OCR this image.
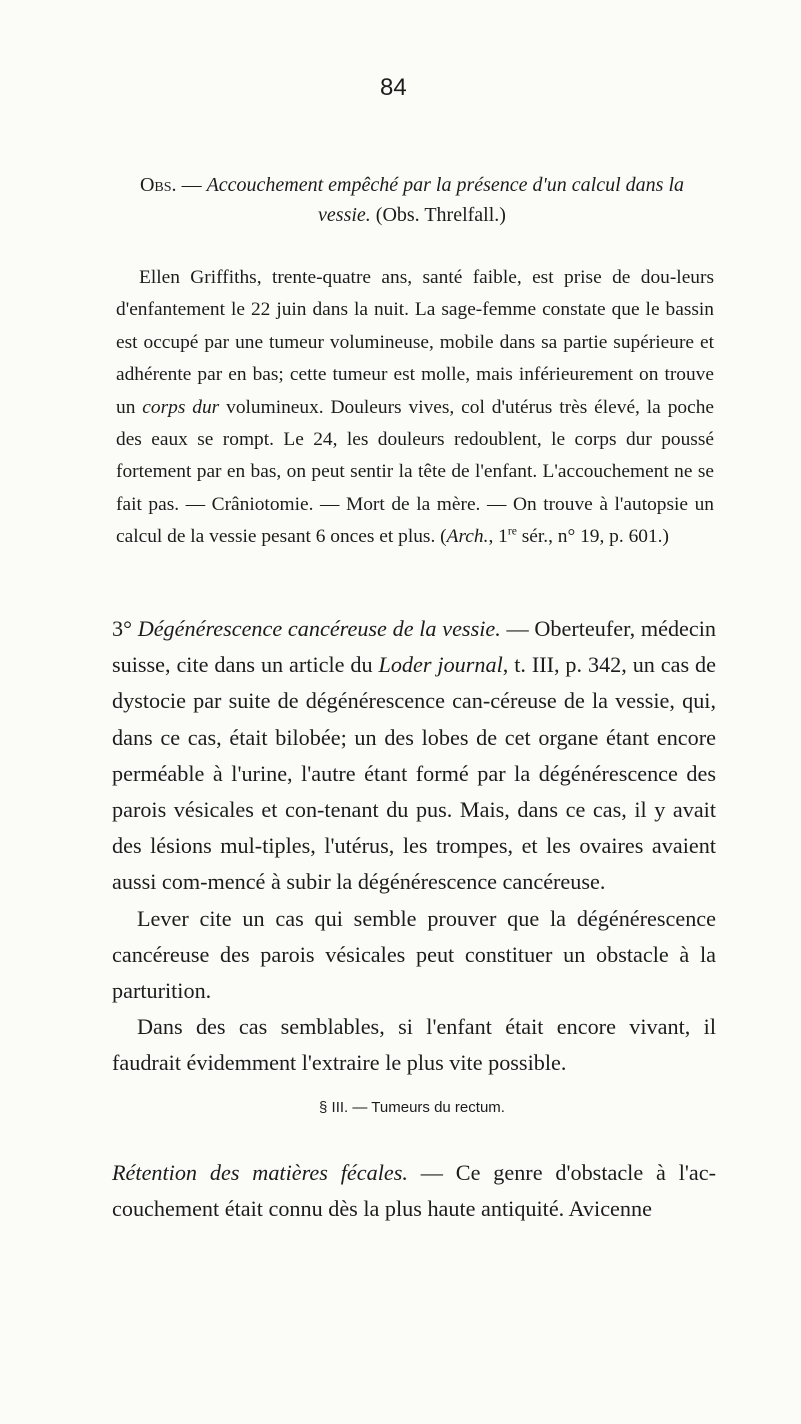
84
Obs. — Accouchement empêché par la présence d'un calcul dans la vessie. (Obs. Threlfall.)

Ellen Griffiths, trente-quatre ans, santé faible, est prise de dou-leurs d'enfantement le 22 juin dans la nuit. La sage-femme constate que le bassin est occupé par une tumeur volumineuse, mobile dans sa partie supérieure et adhérente par en bas; cette tumeur est molle, mais inférieurement on trouve un corps dur volumineux. Douleurs vives, col d'utérus très élevé, la poche des eaux se rompt. Le 24, les douleurs redoublent, le corps dur poussé fortement par en bas, on peut sentir la tête de l'enfant. L'accouchement ne se fait pas. — Crâniotomie. — Mort de la mère. — On trouve à l'autopsie un calcul de la vessie pesant 6 onces et plus. (Arch., 1re sér., n° 19, p. 601.)

3° Dégénérescence cancéreuse de la vessie. — Oberteufer, médecin suisse, cite dans un article du Loder journal, t. III, p. 342, un cas de dystocie par suite de dégénérescence can-céreuse de la vessie, qui, dans ce cas, était bilobée; un des lobes de cet organe étant encore perméable à l'urine, l'autre étant formé par la dégénérescence des parois vésicales et con-tenant du pus. Mais, dans ce cas, il y avait des lésions mul-tiples, l'utérus, les trompes, et les ovaires avaient aussi com-mencé à subir la dégénérescence cancéreuse.

Lever cite un cas qui semble prouver que la dégénérescence cancéreuse des parois vésicales peut constituer un obstacle à la parturition.

Dans des cas semblables, si l'enfant était encore vivant, il faudrait évidemment l'extraire le plus vite possible.

§ III. — Tumeurs du rectum.

Rétention des matières fécales. — Ce genre d'obstacle à l'ac-couchement était connu dès la plus haute antiquité. Avicenne
